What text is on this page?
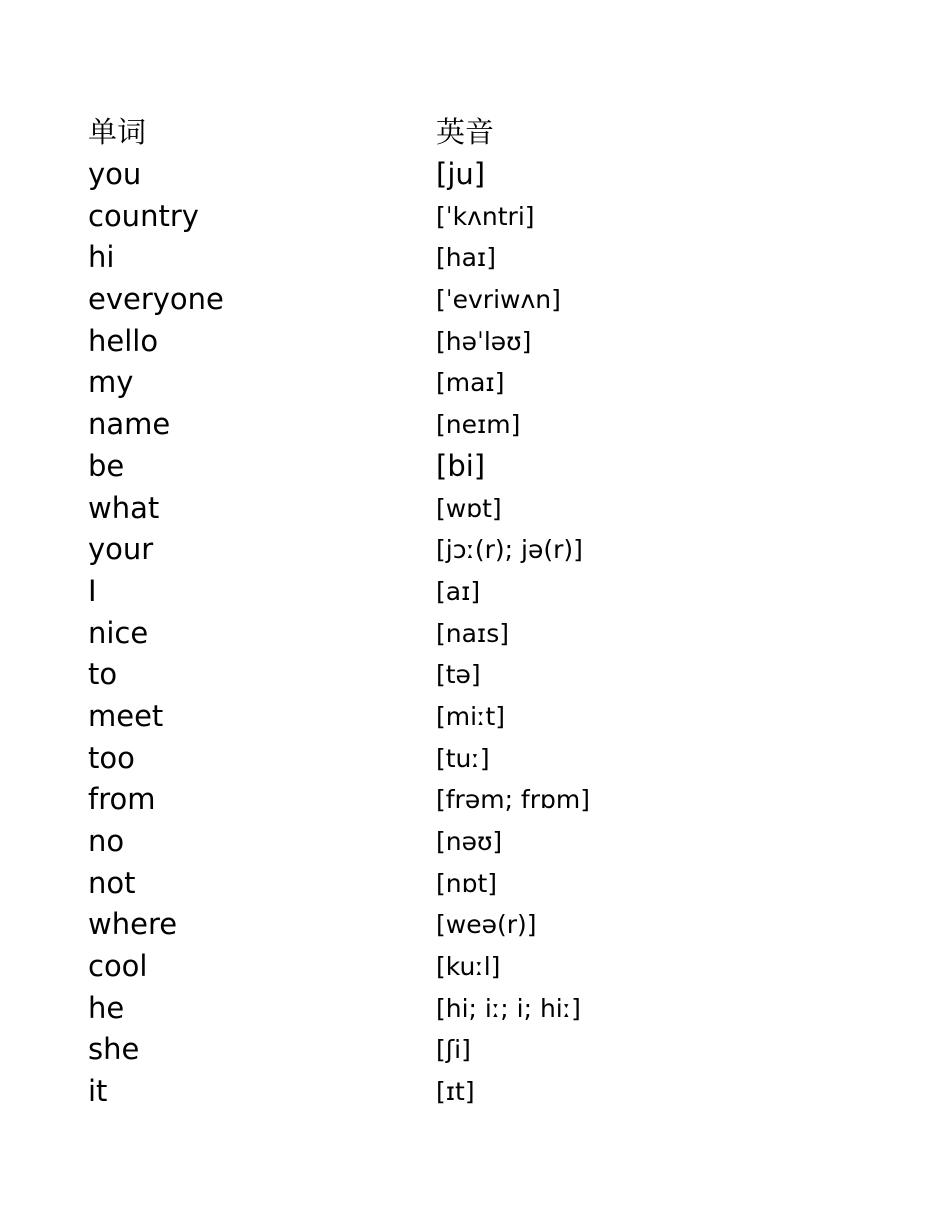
单词	英音
you	[ju]
country	[ˈkʌntri]
hi	[haɪ]
everyone	[ˈevriwʌn]
hello	[həˈləʊ]
my	[maɪ]
name	[neɪm]
be	[bi]
what	[wɒt]
your	[jɔː(r); jə(r)]
I	[aɪ]
nice	[naɪs]
to	[tə]
meet	[miːt]
too	[tuː]
from	[frəm; frɒm]
no	[nəʊ]
not	[nɒt]
where	[weə(r)]
cool	[kuːl]
he	[hi; iː; i; hiː]
she	[ʃi]
it	[ɪt]
